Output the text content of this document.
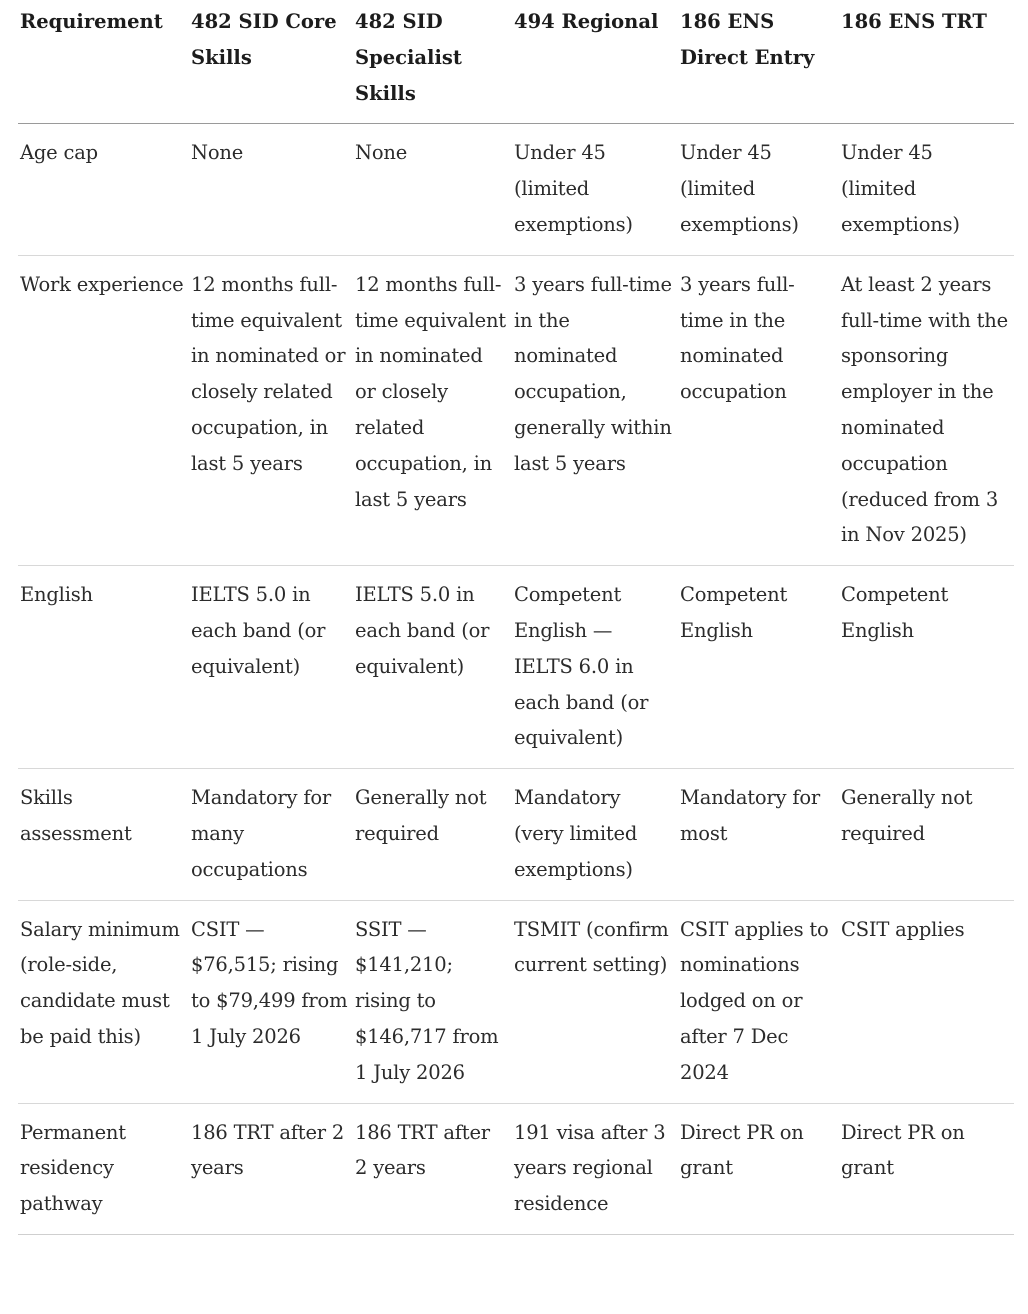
Requirement	482 SID Core Skills	482 SID Specialist Skills	494 Regional	186 ENS Direct Entry	186 ENS TRT
Age cap	None	None	Under 45 (limited exemptions)	Under 45 (limited exemptions)	Under 45 (limited exemptions)
Work experience	12 months full-time equivalent in nominated or closely related occupation, in last 5 years	12 months full-time equivalent in nominated or closely related occupation, in last 5 years	3 years full-time in the nominated occupation, generally within last 5 years	3 years full-time in the nominated occupation	At least 2 years full-time with the sponsoring employer in the nominated occupation (reduced from 3 in Nov 2025)
English	IELTS 5.0 in each band (or equivalent)	IELTS 5.0 in each band (or equivalent)	Competent English — IELTS 6.0 in each band (or equivalent)	Competent English	Competent English
Skills assessment	Mandatory for many occupations	Generally not required	Mandatory (very limited exemptions)	Mandatory for most	Generally not required
Salary minimum (role-side, candidate must be paid this)	CSIT — $76,515; rising to $79,499 from 1 July 2026	SSIT — $141,210; rising to $146,717 from 1 July 2026	TSMIT (confirm current setting)	CSIT applies to nominations lodged on or after 7 Dec 2024	CSIT applies
Permanent residency pathway	186 TRT after 2 years	186 TRT after 2 years	191 visa after 3 years regional residence	Direct PR on grant	Direct PR on grant
